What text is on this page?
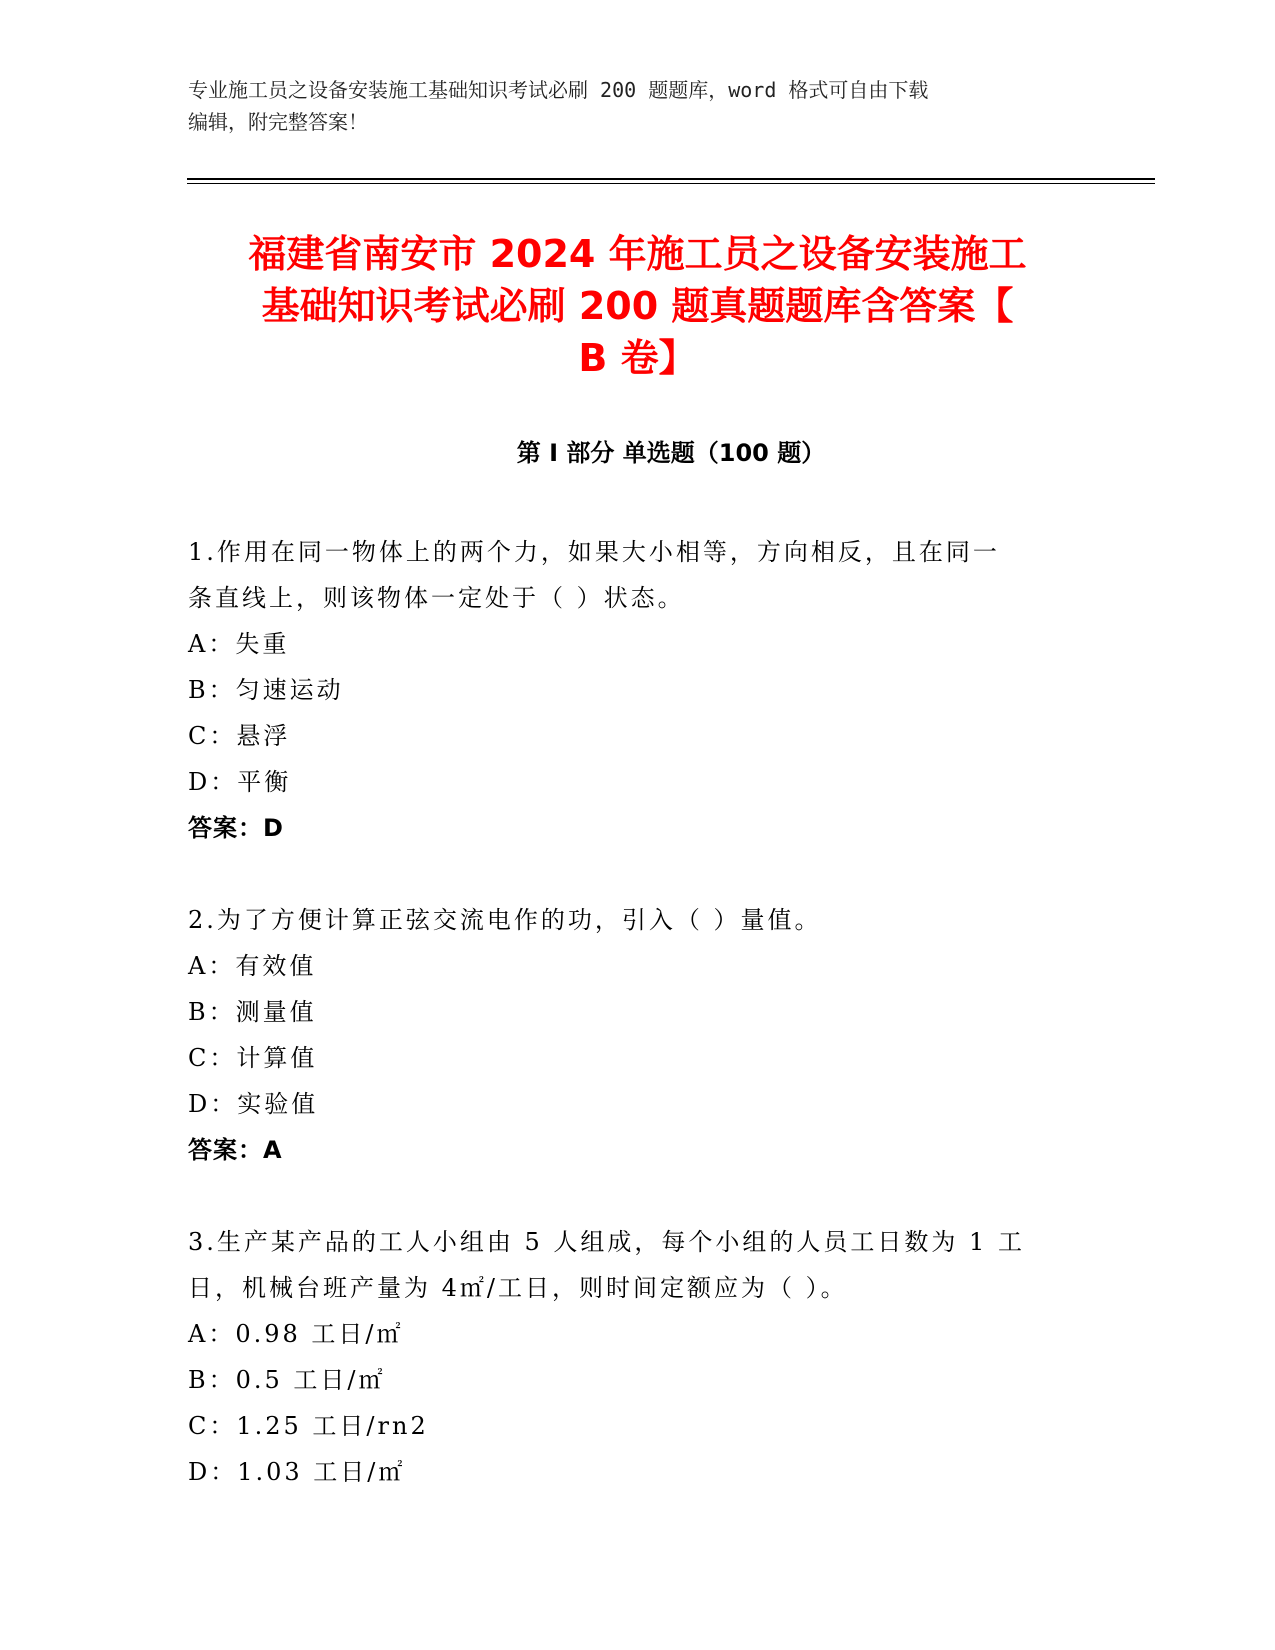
专业施工员之设备安装施工基础知识考试必刷 200 题题库，word 格式可自由下载
编辑，附完整答案！
福建省南安市 2024 年施工员之设备安装施工
基础知识考试必刷 200 题真题题库含答案【
B 卷】
第 I 部分 单选题（100 题）
1.作用在同一物体上的两个力，如果大小相等，方向相反，且在同一
条直线上，则该物体一定处于（ ）状态。
A：失重
B：匀速运动
C：悬浮
D：平衡
答案：D
2.为了方便计算正弦交流电作的功，引入（ ）量值。
A：有效值
B：测量值
C：计算值
D：实验值
答案：A
3.生产某产品的工人小组由 5 人组成，每个小组的人员工日数为 1 工
日，机械台班产量为 4㎡/工日，则时间定额应为（ ）。
A：0.98 工日/㎡
B：0.5 工日/㎡
C：1.25 工日/rn2
D：1.03 工日/㎡
